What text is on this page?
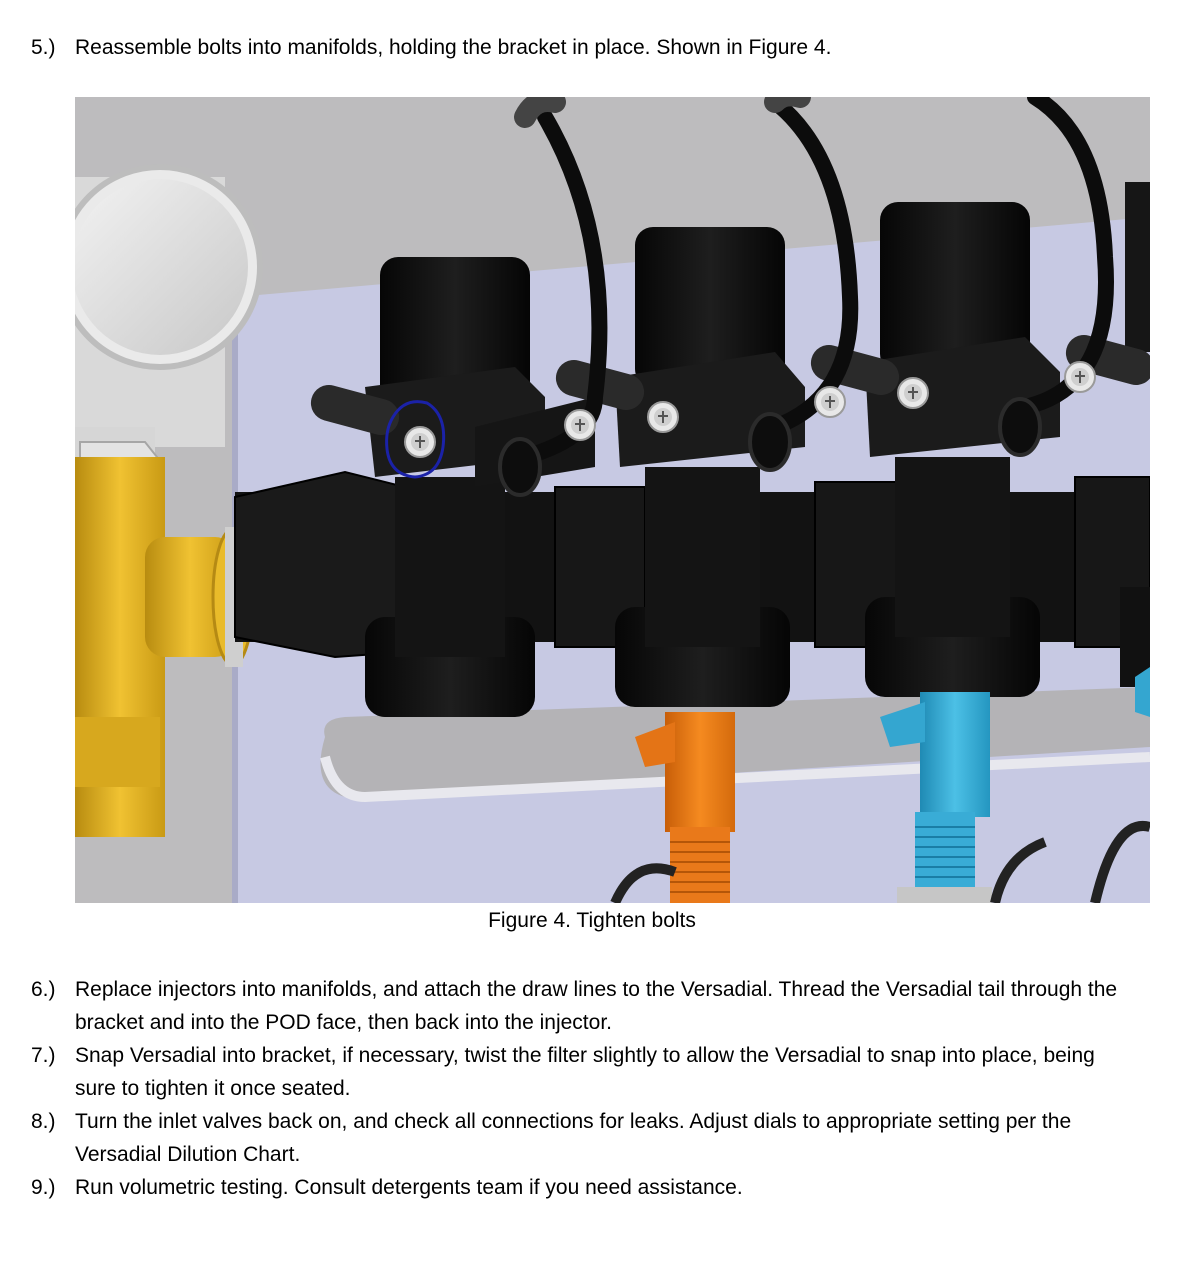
5.) Reassemble bolts into manifolds, holding the bracket in place. Shown in Figure 4.
Figure 4. Tighten bolts
6.) Replace injectors into manifolds, and attach the draw lines to the Versadial. Thread the Versadial tail through the bracket and into the POD face, then back into the injector.
7.) Snap Versadial into bracket, if necessary, twist the filter slightly to allow the Versadial to snap into place, being sure to tighten it once seated.
8.) Turn the inlet valves back on, and check all connections for leaks. Adjust dials to appropriate setting per the Versadial Dilution Chart.
9.) Run volumetric testing. Consult detergents team if you need assistance.
